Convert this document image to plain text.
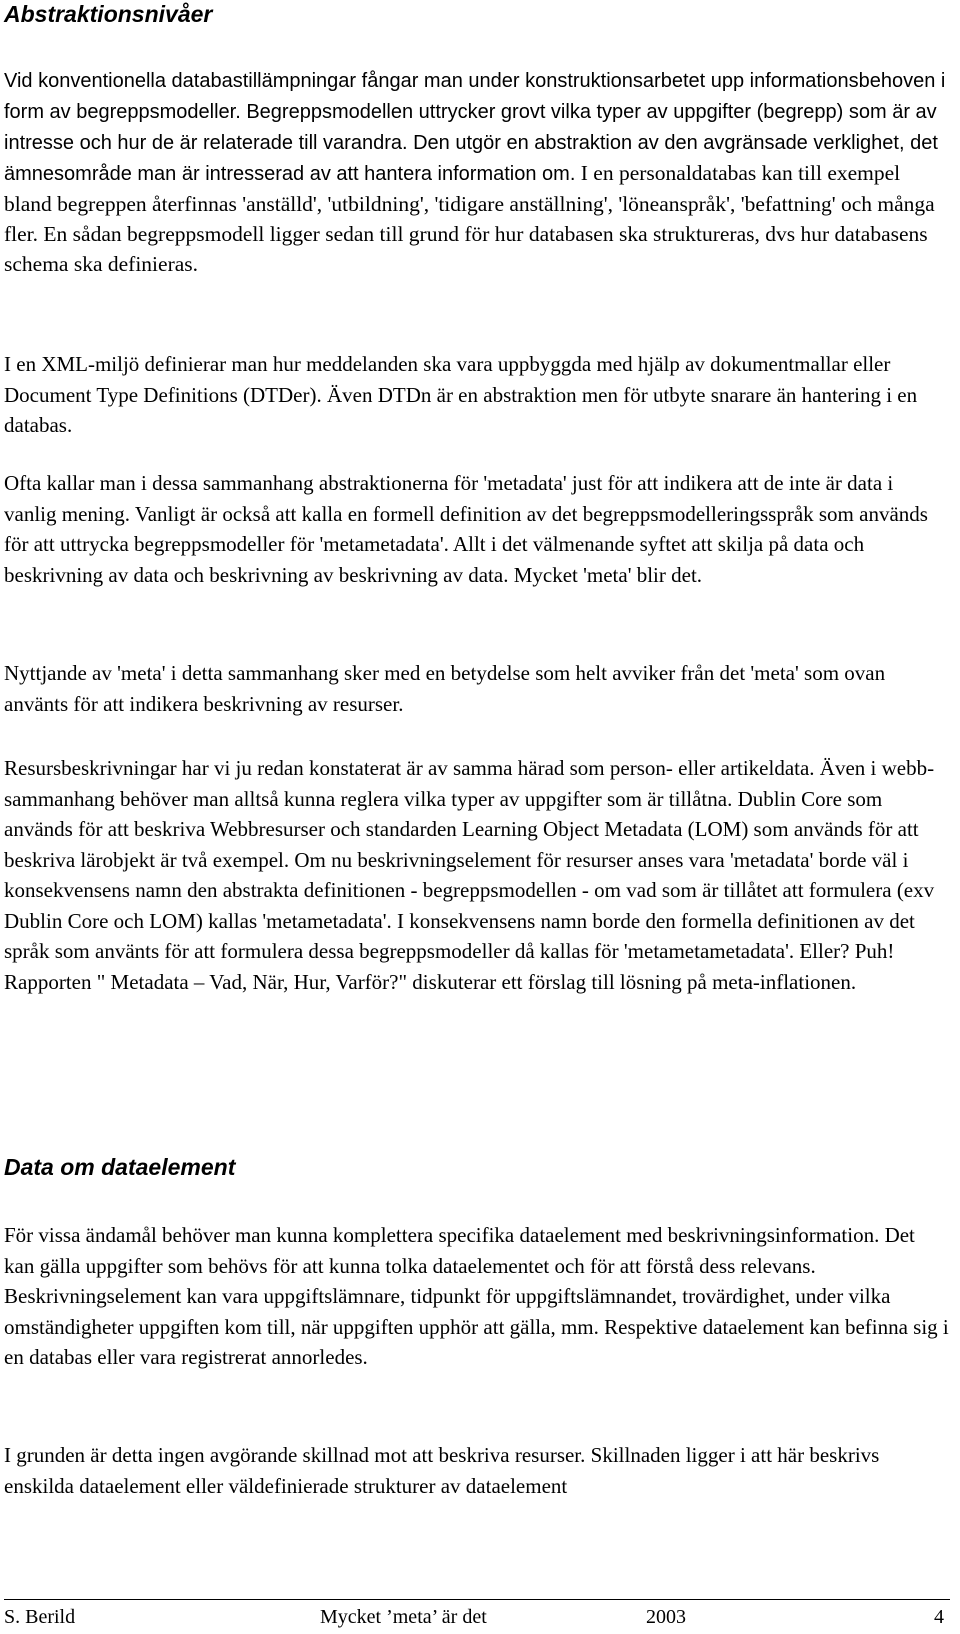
Abstraktionsnivåer

Vid konventionella databastillämpningar fångar man under konstruktionsarbetet upp informationsbehoven i form av begreppsmodeller. Begreppsmodellen uttrycker grovt vilka typer av uppgifter (begrepp) som är av intresse och hur de är relaterade till varandra. Den utgör en abstraktion av den avgränsade verklighet, det ämnesområde man är intresserad av att hantera information om. I en personaldatabas kan till exempel bland begreppen återfinnas 'anställd', 'utbildning', 'tidigare anställning', 'löneanspråk', 'befattning' och många fler. En sådan begreppsmodell ligger sedan till grund för hur databasen ska struktureras, dvs hur databasens schema ska definieras.

I en XML-miljö definierar man hur meddelanden ska vara uppbyggda med hjälp av dokumentmallar eller Document Type Definitions (DTDer). Även DTDn är en abstraktion men för utbyte snarare än hantering i en databas.

Ofta kallar man i dessa sammanhang abstraktionerna för 'metadata' just för att indikera att de inte är data i vanlig mening. Vanligt är också att kalla en formell definition av det begreppsmodelleringsspråk som används för att uttrycka begreppsmodeller för 'metametadata'. Allt i det välmenande syftet att skilja på data och beskrivning av data och beskrivning av beskrivning av data. Mycket 'meta' blir det.

Nyttjande av 'meta' i detta sammanhang sker med en betydelse som helt avviker från det 'meta' som ovan använts för att indikera beskrivning av resurser.

Resursbeskrivningar har vi ju redan konstaterat är av samma härad som person- eller artikeldata. Även i webb-sammanhang behöver man alltså kunna reglera vilka typer av uppgifter som är tillåtna. Dublin Core som används för att beskriva Webbresurser och standarden Learning Object Metadata (LOM) som används för att beskriva lärobjekt är två exempel. Om nu beskrivningselement för resurser anses vara 'metadata' borde väl i konsekvensens namn den abstrakta definitionen - begreppsmodellen - om vad som är tillåtet att formulera (exv Dublin Core och LOM) kallas 'metametadata'. I konsekvensens namn borde den formella definitionen av det språk som använts för att formulera dessa begreppsmodeller då kallas för 'metametametadata'. Eller? Puh! Rapporten " Metadata – Vad, När, Hur, Varför?" diskuterar ett förslag till lösning på meta-inflationen.

Data om dataelement

För vissa ändamål behöver man kunna komplettera specifika dataelement med beskrivningsinformation. Det kan gälla uppgifter som behövs för att kunna tolka dataelementet och för att förstå dess relevans. Beskrivningselement kan vara uppgiftslämnare, tidpunkt för uppgiftslämnandet, trovärdighet, under vilka omständigheter uppgiften kom till, när uppgiften upphör att gälla, mm. Respektive dataelement kan befinna sig i en databas eller vara registrerat annorledes.

I grunden är detta ingen avgörande skillnad mot att beskriva resurser. Skillnaden ligger i att här beskrivs enskilda dataelement eller väldefinierade strukturer av dataelement

S. Berild	Mycket ’meta’ är det	2003	4
